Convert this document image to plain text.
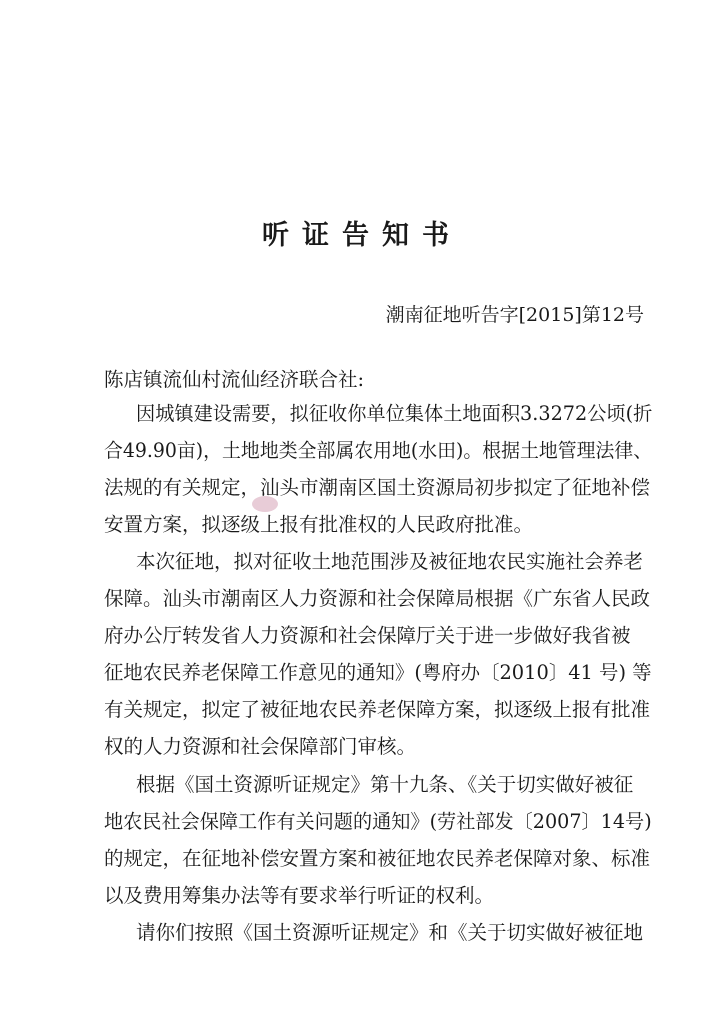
听证告知书
潮南征地听告字[2015]第12号
陈店镇流仙村流仙经济联合社:
因城镇建设需要，拟征收你单位集体土地面积3.3272公顷(折
合49.90亩)，土地地类全部属农用地(水田)。根据土地管理法律、
法规的有关规定，汕头市潮南区国土资源局初步拟定了征地补偿
安置方案，拟逐级上报有批准权的人民政府批准。
本次征地，拟对征收土地范围涉及被征地农民实施社会养老
保障。汕头市潮南区人力资源和社会保障局根据《广东省人民政
府办公厅转发省人力资源和社会保障厅关于进一步做好我省被
征地农民养老保障工作意见的通知》(粤府办〔2010〕41 号) 等
有关规定，拟定了被征地农民养老保障方案，拟逐级上报有批准
权的人力资源和社会保障部门审核。
根据《国土资源听证规定》第十九条、《关于切实做好被征
地农民社会保障工作有关问题的通知》(劳社部发〔2007〕14号)
的规定，在征地补偿安置方案和被征地农民养老保障对象、标准
以及费用筹集办法等有要求举行听证的权利。
请你们按照《国土资源听证规定》和《关于切实做好被征地
